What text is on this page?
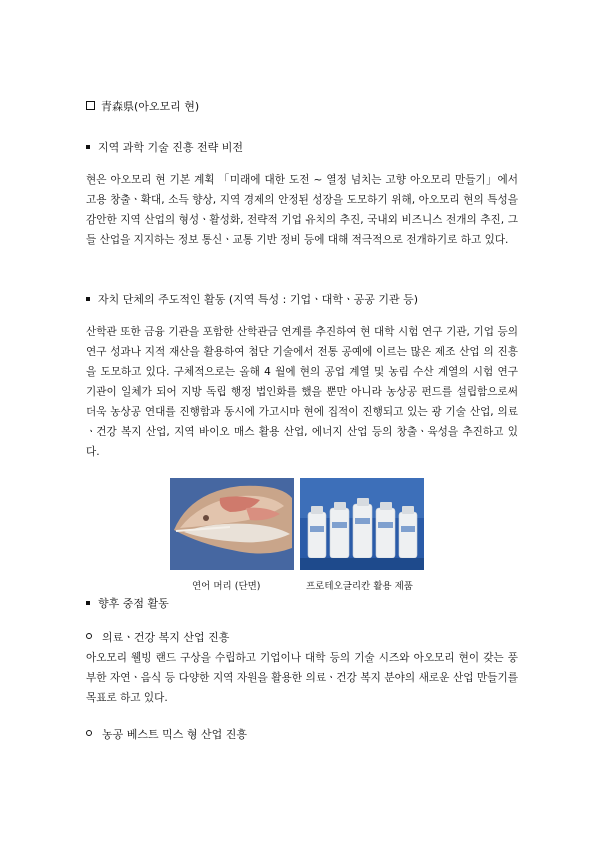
青森県(아오모리 현)
지역 과학 기술 진흥 전략 비전

현은 아오모리 현 기본 계획 「미래에 대한 도전 ~ 열정 넘치는 고향 아오모리 만들기」에서 고용 창출ㆍ확대, 소득 향상, 지역 경제의 안정된 성장을 도모하기 위해, 아오모리 현의 특성을 감안한 지역 산업의 형성ㆍ활성화, 전략적 기업 유치의 추진, 국내외 비즈니스 전개의 추진, 그들 산업을 지지하는 정보 통신ㆍ교통 기반 정비 등에 대해 적극적으로 전개하기로 하고 있다.

자치 단체의 주도적인 활동 (지역 특성 : 기업ㆍ대학ㆍ공공 기관 등)

산학관 또한 금융 기관을 포함한 산학관금 연계를 추진하여 현 대학 시험 연구 기관, 기업 등의 연구 성과나 지적 재산을 활용하여 첨단 기술에서 전통 공예에 이르는 많은 제조 산업 의 진흥을 도모하고 있다. 구체적으로는 올해 4 월에 현의 공업 계열 및 농림 수산 계열의 시험 연구 기관이 일체가 되어 지방 독립 행정 법인화를 했을 뿐만 아니라 농상공 펀드를 설립함으로써 더욱 농상공 연대를 진행함과 동시에 가고시마 현에 집적이 진행되고 있는 광 기술 산업, 의료ㆍ건강 복지 산업, 지역 바이오 매스 활용 산업, 에너지 산업 등의 창출ㆍ육성을 추진하고 있다.

연어 머리 (단면)	프로테오글리칸 활용 제품
향후 중점 활동
의료ㆍ건강 복지 산업 진흥

아오모리 웰빙 랜드 구상을 수립하고 기업이나 대학 등의 기술 시즈와 아오모리 현이 갖는 풍부한 자연ㆍ음식 등 다양한 지역 자원을 활용한 의료ㆍ건강 복지 분야의 새로운 산업 만들기를 목표로 하고 있다.

농공 베스트 믹스 형 산업 진흥
